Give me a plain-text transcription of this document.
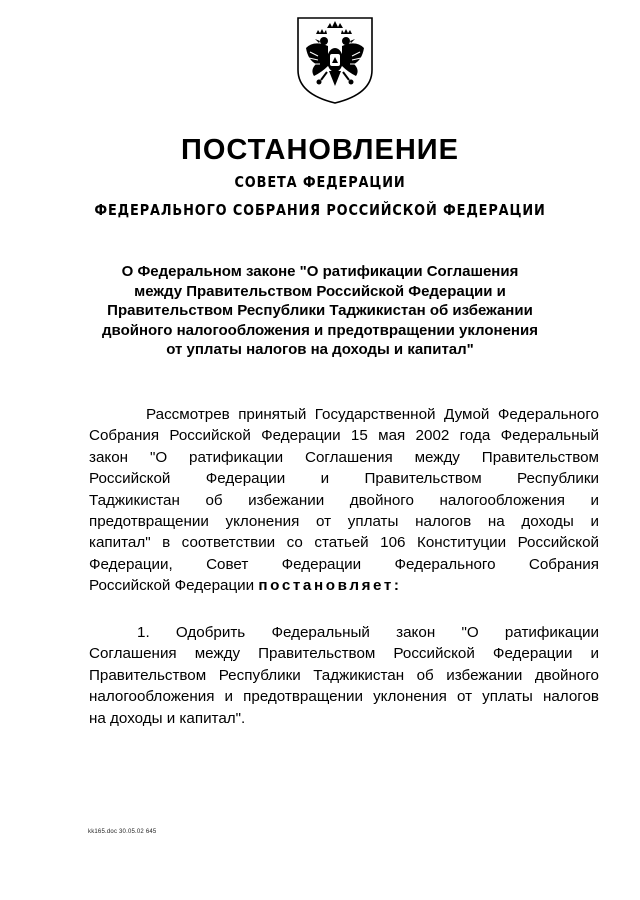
ПОСТАНОВЛЕНИЕ
СОВЕТА ФЕДЕРАЦИИ
ФЕДЕРАЛЬНОГО СОБРАНИЯ РОССИЙСКОЙ ФЕДЕРАЦИИ
О Федеральном законе "О ратификации Соглашения
между Правительством Российской Федерации и
Правительством Республики Таджикистан об избежании
двойного налогообложения и предотвращении уклонения
от уплаты налогов на доходы и капитал"
Рассмотрев принятый Государственной Думой Федерального
Собрания Российской Федерации 15 мая 2002 года Федеральный
закон "О ратификации Соглашения между Правительством
Российской Федерации и Правительством Республики
Таджикистан об избежании двойного налогообложения и
предотвращении уклонения от уплаты налогов на доходы и
капитал" в соответствии со статьей 106 Конституции Российской
Федерации, Совет Федерации Федерального Собрания
Российской Федерации постановляет:
1. Одобрить Федеральный закон "О ратификации
Соглашения между Правительством Российской Федерации и
Правительством Республики Таджикистан об избежании двойного
налогообложения и предотвращении уклонения от уплаты налогов
на доходы и капитал".
kk165.doc 30.05.02 645
